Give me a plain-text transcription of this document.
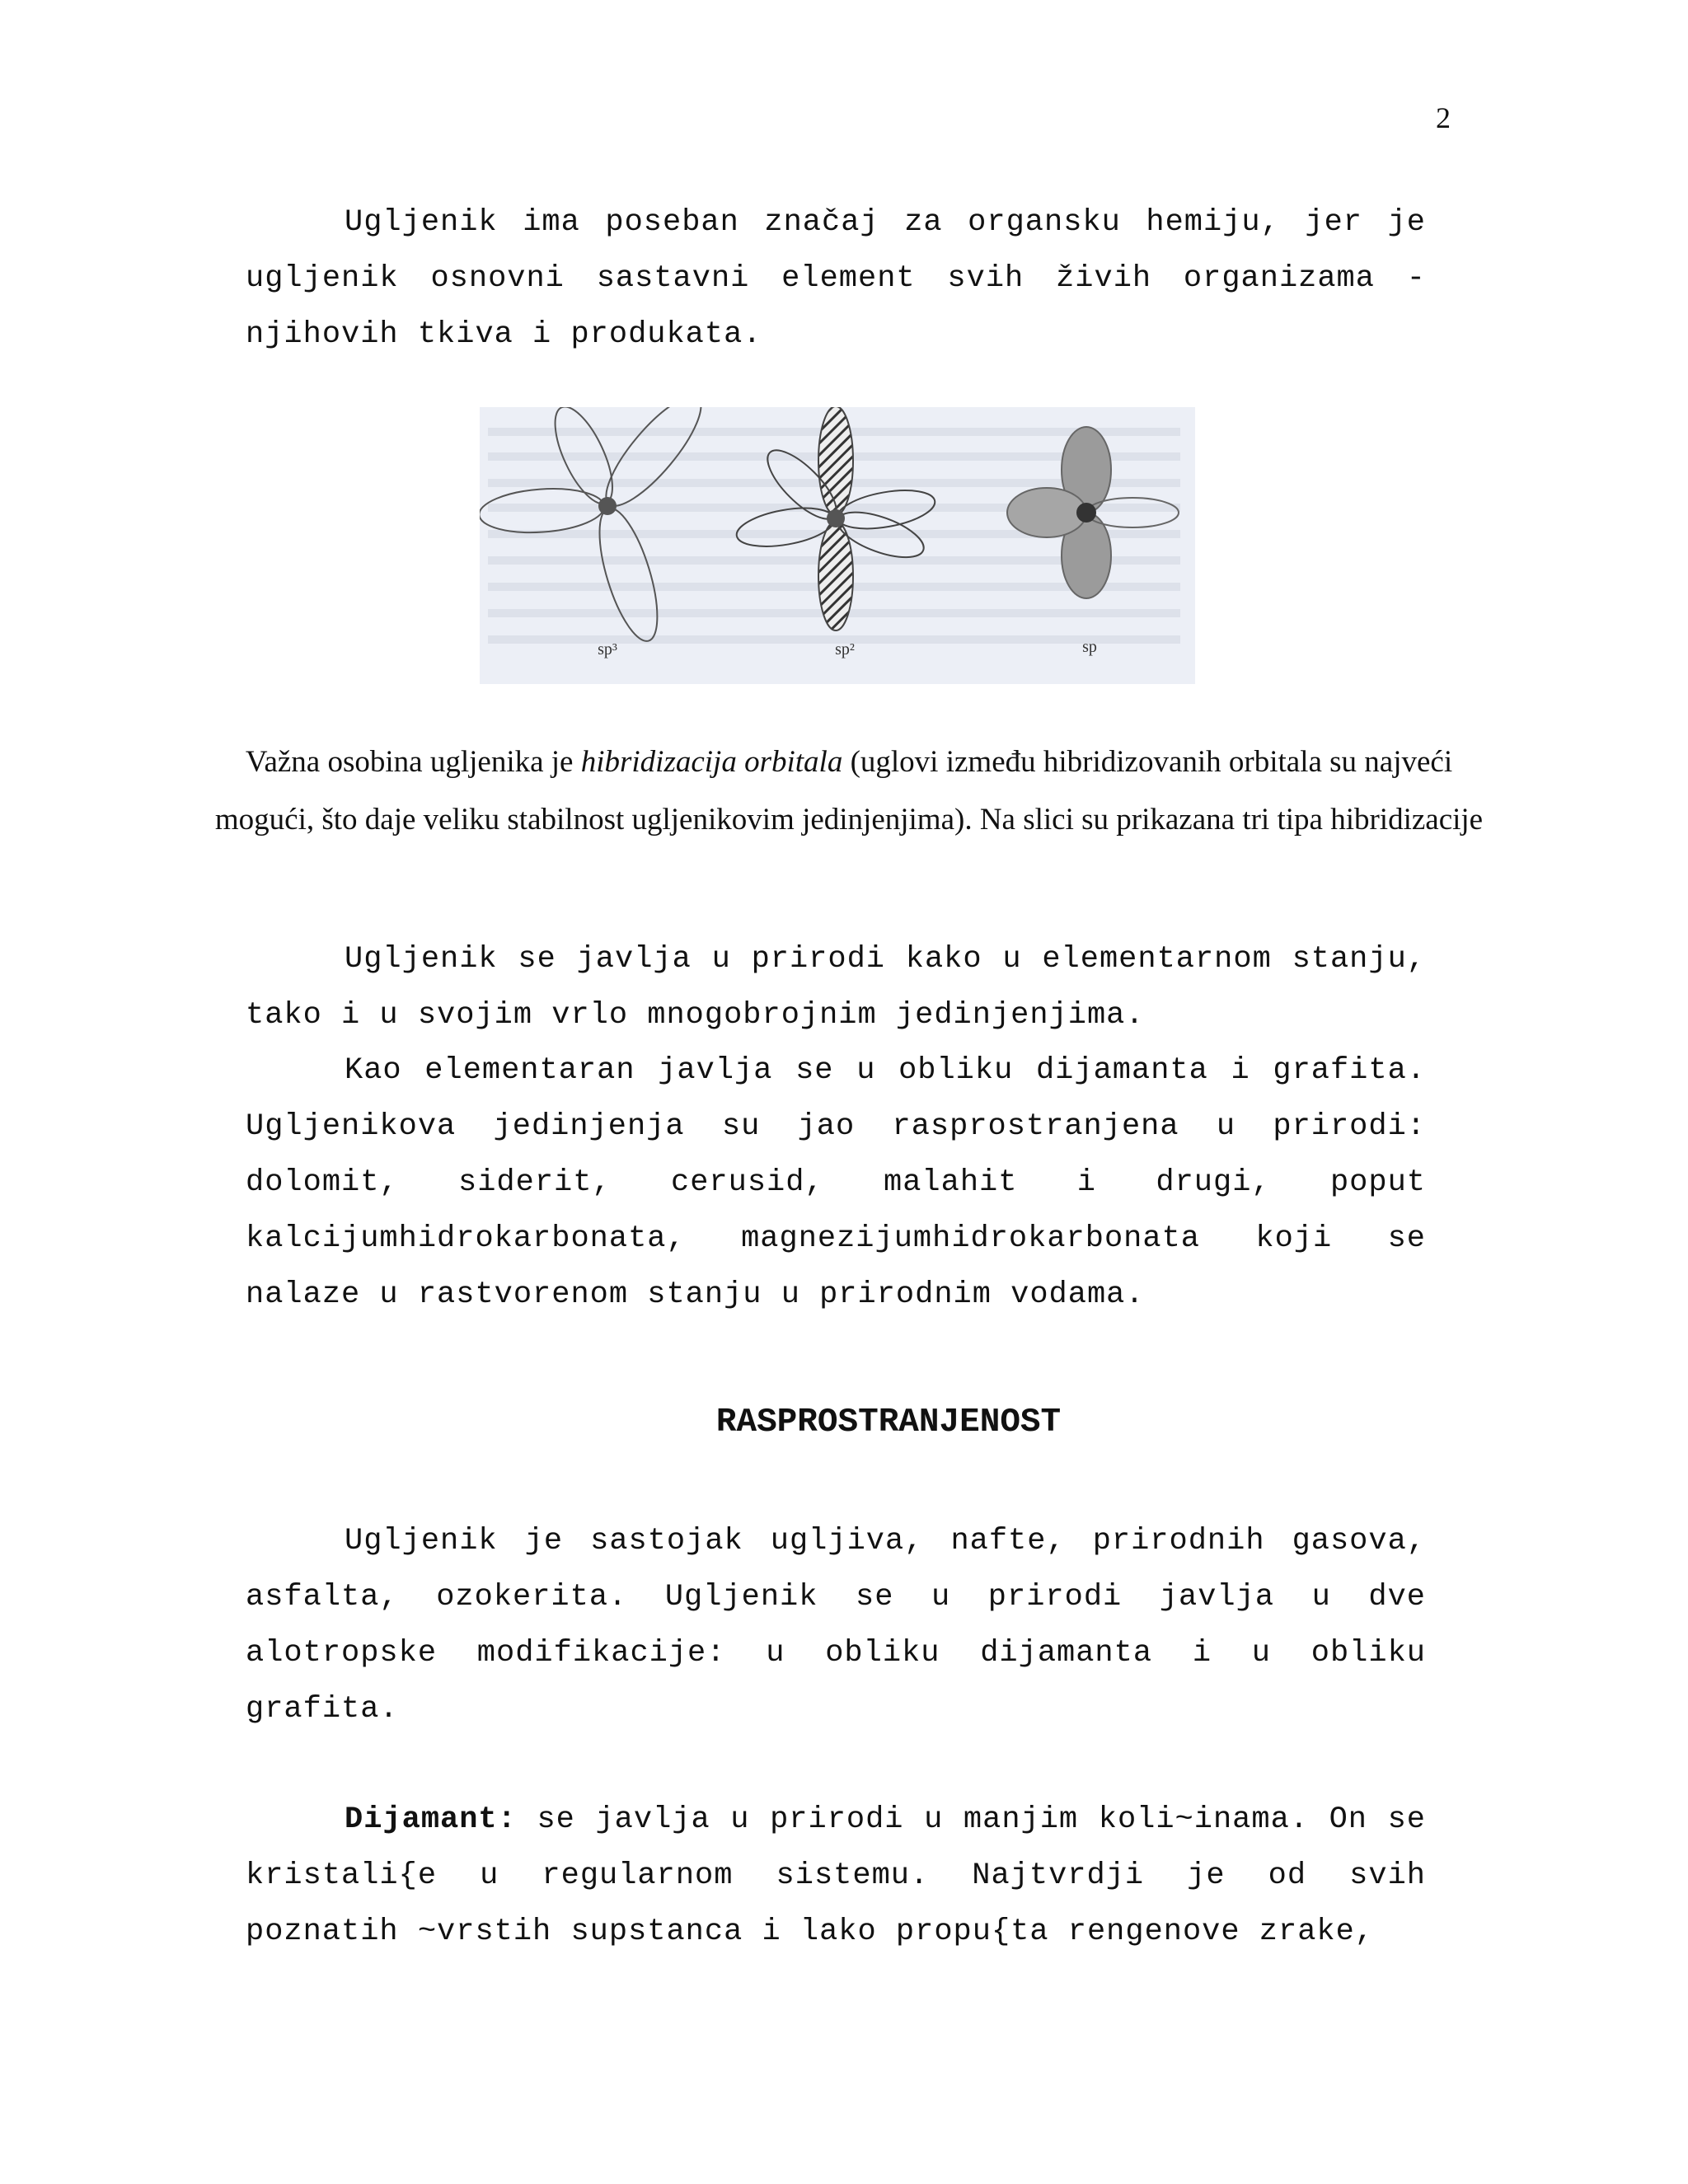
2

Ugljenik ima poseban značaj za organsku hemiju, jer je ugljenik osnovni sastavni element svih živih organizama - njihovih tkiva i produkata.

sp³	sp²	sp

Važna osobina ugljenika je hibridizacija orbitala (uglovi između hibridizovanih orbitala su najveći mogući, što daje veliku stabilnost ugljenikovim jedinjenjima). Na slici su prikazana tri tipa hibridizacije

Ugljenik se javlja u prirodi kako u elementarnom stanju, tako i u svojim vrlo mnogobrojnim jedinjenjima.

Kao elementaran javlja se u obliku dijamanta i grafita. Ugljenikova jedinjenja su jao rasprostranjena u prirodi: dolomit, siderit, cerusid, malahit i drugi, poput kalcijumhidrokarbonata, magnezijumhidrokarbonata koji se nalaze u rastvorenom stanju u prirodnim vodama.

RASPROSTRANJENOST

Ugljenik je sastojak ugljiva, nafte, prirodnih gasova, asfalta, ozokerita. Ugljenik se u prirodi javlja u dve alotropske modifikacije: u obliku dijamanta i u obliku grafita.

Dijamant: se javlja u prirodi u manjim koli~inama. On se kristali{e u regularnom sistemu. Najtvrdji je od svih poznatih ~vrstih supstanca i lako propu{ta rengenove zrake,
